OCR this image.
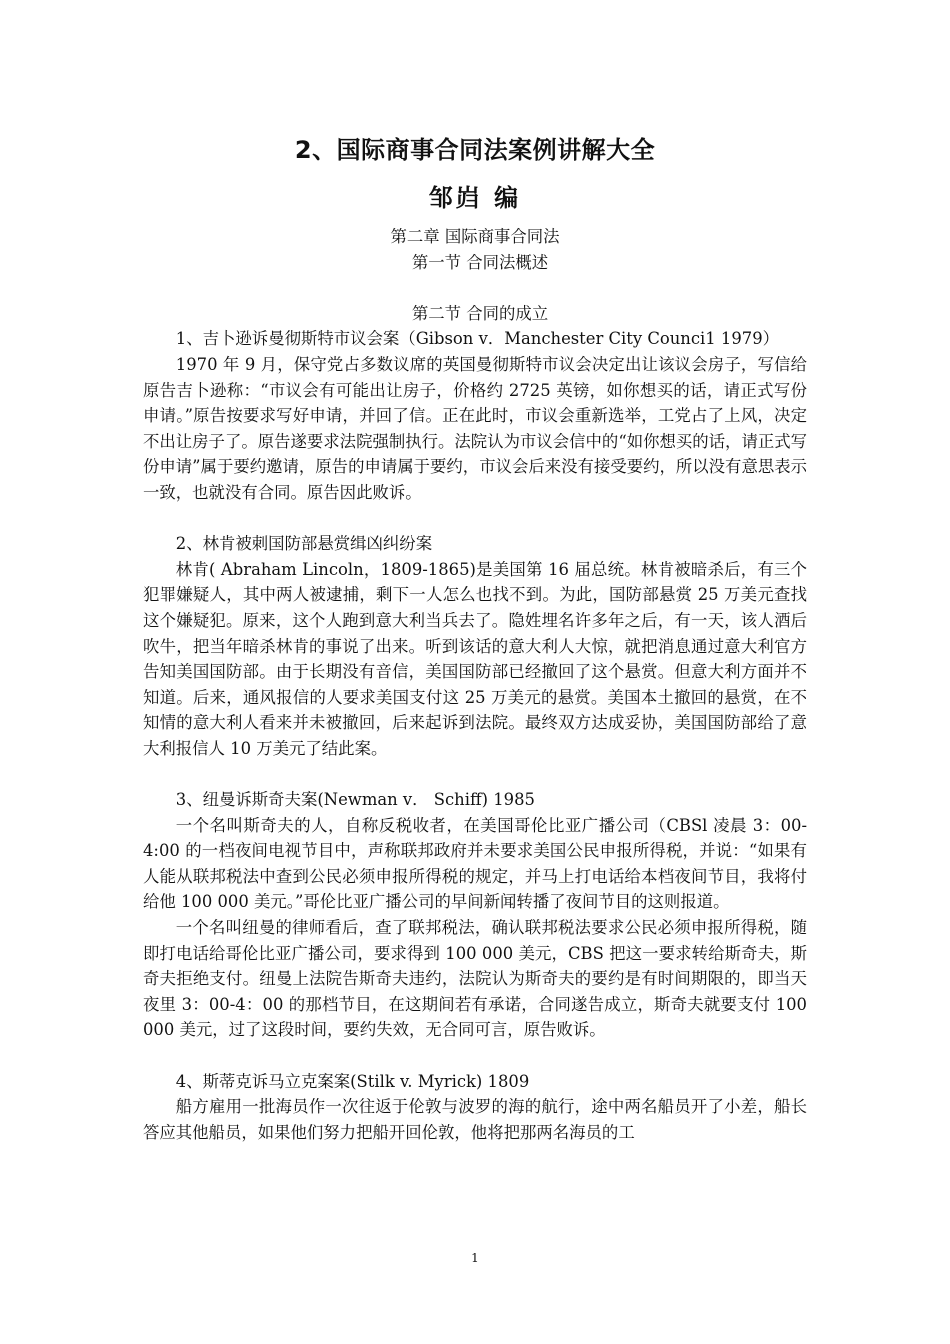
2、国际商事合同法案例讲解大全
邹岿 编

第二章 国际商事合同法

第一节 合同法概述

第二节 合同的成立

1、吉卜逊诉曼彻斯特市议会案（Gibson v．Manchester City Counci1 1979）

1970 年 9 月，保守党占多数议席的英国曼彻斯特市议会决定出让该议会房子，写信给原告吉卜逊称：“市议会有可能出让房子，价格约 2725 英镑，如你想买的话，请正式写份申请。”原告按要求写好申请，并回了信。正在此时，市议会重新选举，工党占了上风，决定不出让房子了。原告遂要求法院强制执行。法院认为市议会信中的“如你想买的话，请正式写份申请”属于要约邀请，原告的申请属于要约，市议会后来没有接受要约，所以没有意思表示一致，也就没有合同。原告因此败诉。

2、林肯被刺国防部悬赏缉凶纠纷案

林肯( Abraham Lincoln，1809-1865)是美国第 16 届总统。林肯被暗杀后，有三个犯罪嫌疑人，其中两人被逮捕，剩下一人怎么也找不到。为此，国防部悬赏 25 万美元查找这个嫌疑犯。原来，这个人跑到意大利当兵去了。隐姓埋名许多年之后，有一天，该人酒后吹牛，把当年暗杀林肯的事说了出来。听到该话的意大利人大惊，就把消息通过意大利官方告知美国国防部。由于长期没有音信，美国国防部已经撤回了这个悬赏。但意大利方面并不知道。后来，通风报信的人要求美国支付这 25 万美元的悬赏。美国本土撤回的悬赏，在不知情的意大利人看来并未被撤回，后来起诉到法院。最终双方达成妥协，美国国防部给了意大利报信人 10 万美元了结此案。

3、纽曼诉斯奇夫案(Newman v． Schiff) 1985

一个名叫斯奇夫的人，自称反税收者，在美国哥伦比亚广播公司（CBSl 凌晨 3：00-4:00 的一档夜间电视节目中，声称联邦政府并未要求美国公民申报所得税，并说：“如果有人能从联邦税法中查到公民必须申报所得税的规定，并马上打电话给本档夜间节目，我将付给他 100 000 美元。”哥伦比亚广播公司的早间新闻转播了夜间节目的这则报道。

一个名叫纽曼的律师看后，查了联邦税法，确认联邦税法要求公民必须申报所得税，随即打电话给哥伦比亚广播公司，要求得到 100 000 美元，CBS 把这一要求转给斯奇夫，斯奇夫拒绝支付。纽曼上法院告斯奇夫违约，法院认为斯奇夫的要约是有时间期限的，即当天夜里 3：00-4：00 的那档节目，在这期间若有承诺，合同遂告成立，斯奇夫就要支付 100 000 美元，过了这段时间，要约失效，无合同可言，原告败诉。

4、斯蒂克诉马立克案案(Stilk v. Myrick) 1809

船方雇用一批海员作一次往返于伦敦与波罗的海的航行，途中两名船员开了小差，船长答应其他船员，如果他们努力把船开回伦敦，他将把那两名海员的工

1
